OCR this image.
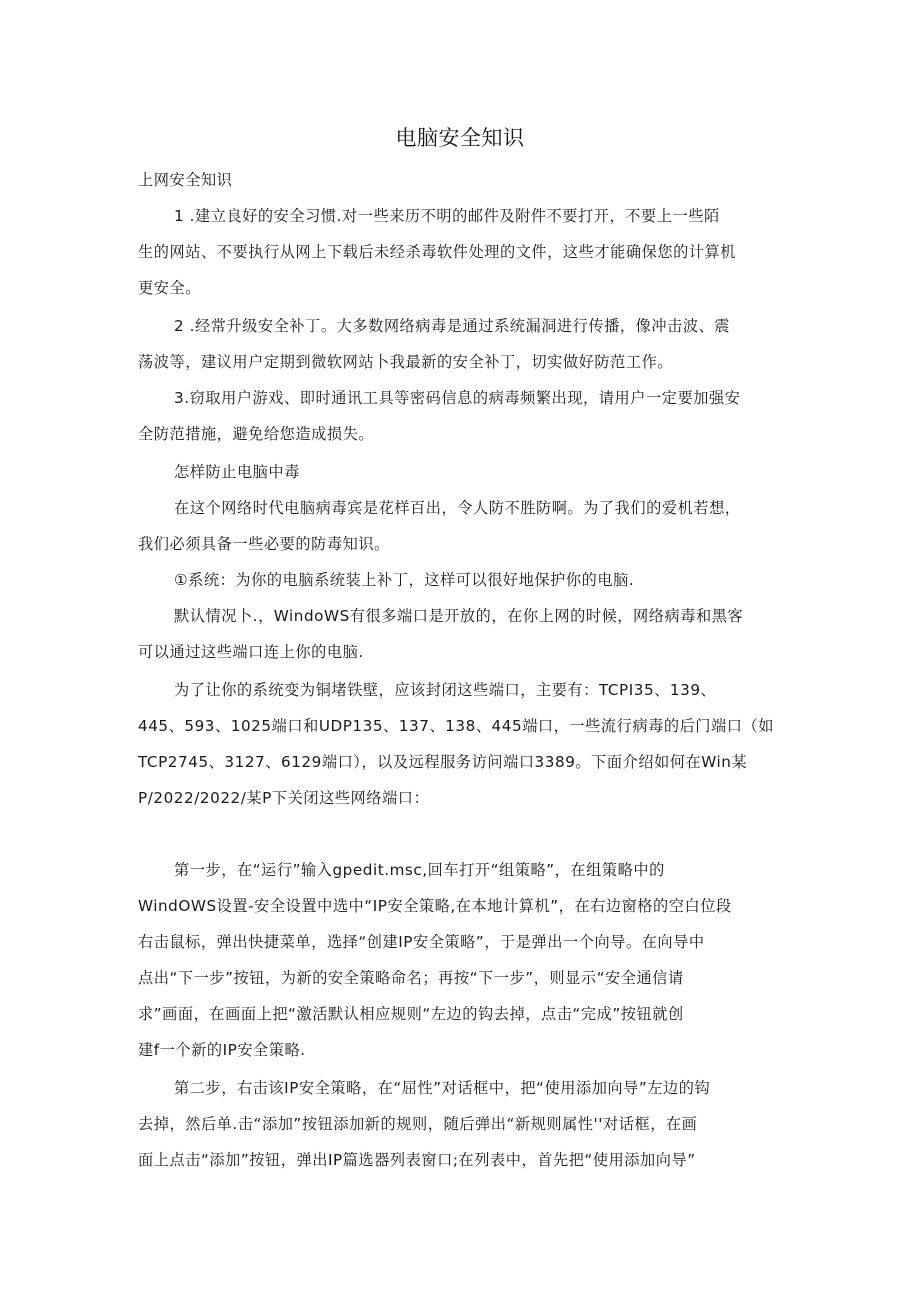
电脑安全知识
上网安全知识
1 .建立良好的安全习惯.对一些来历不明的邮件及附件不要打开，不要上一些陌
生的网站、不要执行从网上下载后未经杀毒软件处理的文件，这些才能确保您的计算机
更安全。
2 .经常升级安全补丁。大多数网络病毒是通过系统漏洞进行传播，像冲击波、震
荡波等，建议用户定期到微软网站卜我最新的安全补丁，切实做好防范工作。
3.窃取用户游戏、即时通讯工具等密码信息的病毒频繁出现，请用户一定要加强安
全防范措施，避免给您造成损失。
怎样防止电脑中毒
在这个网络时代电脑病毒宾是花样百出，令人防不胜防啊。为了我们的爱机若想，
我们必须具备一些必要的防毒知识。
①系统：为你的电脑系统装上补丁，这样可以很好地保护你的电脑.
默认情况卜.，WindoWS有很多端口是开放的，在你上网的时候，网络病毒和黑客
可以通过这些端口连上你的电脑.
为了让你的系统变为铜堵铁壁，应该封闭这些端口，主要有：TCPI35、139、
445、593、1025端口和UDP135、137、138、445端口，一些流行病毒的后门端口（如
TCP2745、3127、6129端口），以及远程服务访问端口3389。下面介绍如何在Win某
P/2022/2022/某P下关闭这些网络端口：
第一步，在“运行”输入gpedit.msc,回车打开“组策略”，在组策略中的
WindOWS设置-安全设置中选中“IP安全策略,在本地计算机”，在右边窗格的空白位段
右击鼠标，弹出快捷菜单，选择“创建IP安全策略”，于是弹出一个向导。在向导中
点出“下一步”按钮，为新的安全策略命名；再按“下一步”，则显示“安全通信请
求”画面，在画面上把“激活默认相应规则“左边的钩去掉，点击“完成”按钮就创
建f一个新的IP安全策略.
第二步，右击该IP安全策略，在“屈性”对话框中，把“使用添加向导”左边的钩
去掉，然后单.击“添加”按钮添加新的规则，随后弹出“新规则属性''对话框，在画
面上点击“添加”按钮，弹出IP篇选器列表窗口;在列表中，首先把“使用添加向导”
